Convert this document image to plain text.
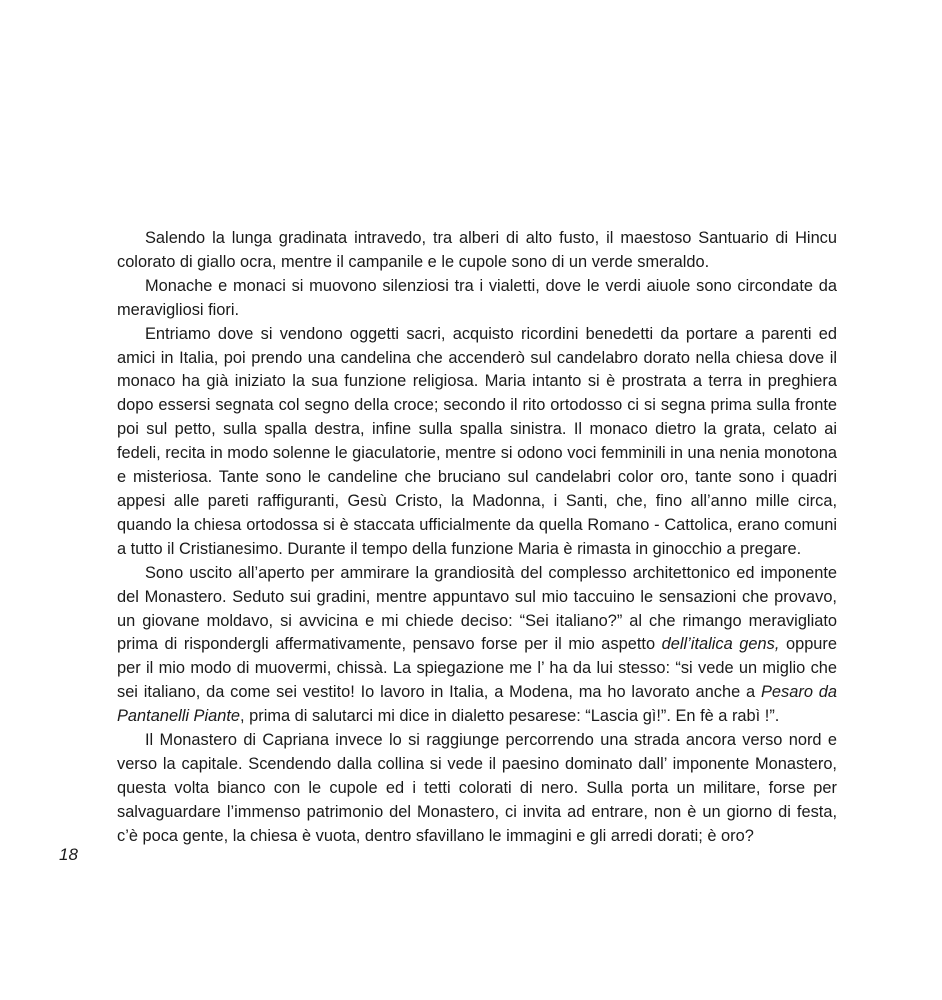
Salendo la lunga gradinata intravedo, tra alberi di alto fusto, il maestoso Santuario di Hincu colorato di giallo ocra, mentre il campanile e le cupole sono di un verde smeraldo.

Monache e monaci si muovono silenziosi tra i vialetti, dove le verdi aiuole sono circondate da meravigliosi fiori.

Entriamo dove si vendono oggetti sacri, acquisto ricordini benedetti da portare a parenti ed amici in Italia, poi prendo una candelina che accenderò sul candelabro dorato nella chiesa dove il monaco ha già iniziato la sua funzione religiosa. Maria intanto si è prostrata a terra in preghiera dopo essersi segnata col segno della croce; secondo il rito ortodosso ci si segna prima sulla fronte poi sul petto, sulla spalla destra, infine sulla spalla sinistra. Il monaco dietro la grata, celato ai fedeli, recita in modo solenne le giaculatorie, mentre si odono voci femminili in una nenia monotona e misteriosa. Tante sono le candeline che bruciano sul candelabri color oro, tante sono i quadri appesi alle pareti raffiguranti, Gesù Cristo, la Madonna, i Santi, che, fino all’anno mille circa, quando la chiesa ortodossa si è staccata ufficialmente da quella Romano - Cattolica, erano comuni a tutto il Cristianesimo. Durante il tempo della funzione Maria è rimasta in ginocchio a pregare.

Sono uscito all’aperto per ammirare la grandiosità del complesso architettonico ed imponente del Monastero. Seduto sui gradini, mentre appuntavo sul mio taccuino le sensazioni che provavo, un giovane moldavo, si avvicina e mi chiede deciso: “Sei italiano?” al che rimango meravigliato prima di rispondergli affermativamente, pensavo forse per il mio aspetto dell’italica gens, oppure per il mio modo di muovermi, chissà. La spiegazione me l’ ha da lui stesso: “si vede un miglio che sei italiano, da come sei vestito! Io lavoro in Italia, a Modena, ma ho lavorato anche a Pesaro da Pantanelli Piante, prima di salutarci mi dice in dialetto pesarese: “Lascia gì!”. En fè a rabì !”.

Il Monastero di Capriana invece lo si raggiunge percorrendo una strada ancora verso nord e verso la capitale. Scendendo dalla collina si vede il paesino dominato dall’ imponente Monastero, questa volta bianco con le cupole ed i tetti colorati di nero. Sulla porta un militare, forse per salvaguardare l’immenso patrimonio del Monastero, ci invita ad entrare, non è un giorno di festa, c’è poca gente, la chiesa è vuota, dentro sfavillano le immagini e gli arredi dorati; è oro?

18
